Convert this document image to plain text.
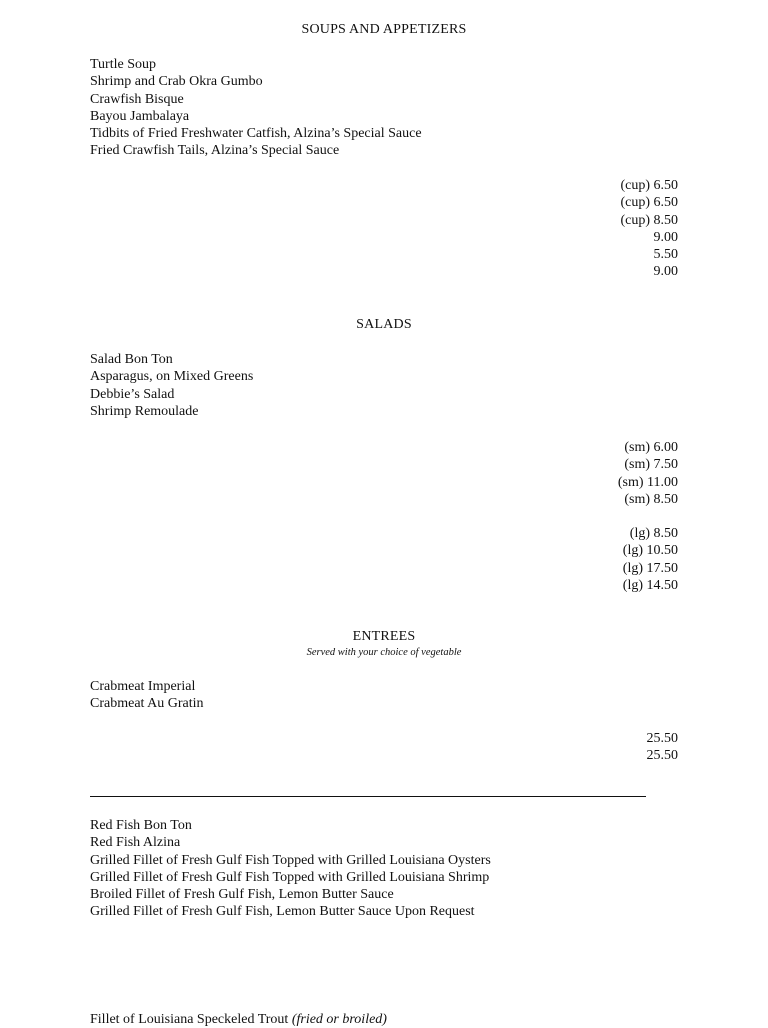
SOUPS AND APPETIZERS
Turtle Soup
Shrimp and Crab Okra Gumbo
Crawfish Bisque
Bayou Jambalaya
Tidbits of Fried Freshwater Catfish, Alzina’s Special Sauce
Fried Crawfish Tails, Alzina’s Special Sauce
(cup) 6.50
(cup) 6.50
(cup) 8.50
9.00
5.50
9.00
SALADS
Salad Bon Ton
Asparagus, on Mixed Greens
Debbie’s Salad
Shrimp Remoulade
(sm) 6.00
(sm) 7.50
(sm) 11.00
(sm) 8.50
(lg) 8.50
(lg) 10.50
(lg) 17.50
(lg) 14.50
ENTREES
Served with your choice of vegetable
Crabmeat Imperial
Crabmeat Au Gratin
25.50
25.50
Red Fish Bon Ton
Red Fish Alzina
Grilled Fillet of Fresh Gulf Fish Topped with Grilled Louisiana Oysters
Grilled Fillet of Fresh Gulf Fish Topped with Grilled Louisiana Shrimp
Broiled Fillet of Fresh Gulf Fish, Lemon Butter Sauce
Grilled Fillet of Fresh Gulf Fish, Lemon Butter Sauce Upon Request
Fillet of Louisiana Speckeled Trout (fried or broiled)
